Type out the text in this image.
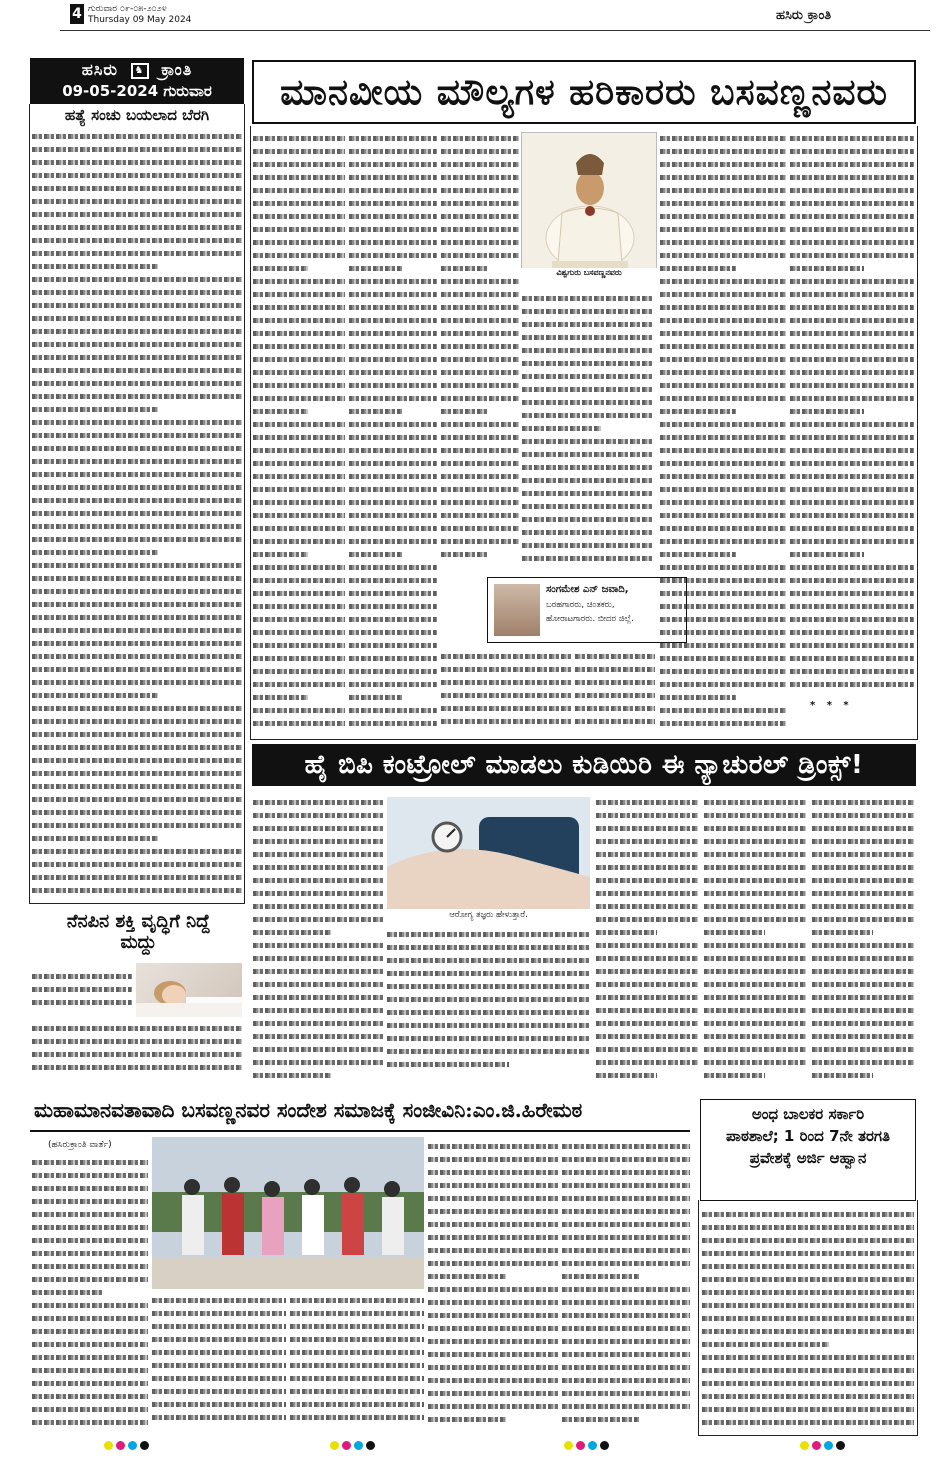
4 ಗುರುವಾರ ೦೯-೦೫-೨೦೨೪
Thursday 09 May 2024	ಹಸಿರು ಕ್ರಾಂತಿ
ಹಸಿರು ♞ ಕ್ರಾಂತಿ
09-05-2024 ಗುರುವಾರ
ಹತ್ಯೆ ಸಂಚು ಬಯಲಾದ ಬೆರಗಿ
ನೆನಪಿನ ಶಕ್ತಿ ವೃದ್ಧಿಗೆ ನಿದ್ದೆ
ಮದ್ದು
ಮಾನವೀಯ ಮೌಲ್ಯಗಳ ಹರಿಕಾರರು ಬಸವಣ್ಣನವರು
* * *
ವಿಶ್ವಗುರು ಬಸವಣ್ಣನವರು
ಸಂಗಮೇಶ ಎನ್ ಜವಾದಿ,
ಬರಹಗಾರರು, ಚಿಂತಕರು,
ಹೋರಾಟಗಾರರು. ಬೀದರ ಜಿಲ್ಲೆ.
ಹೈ ಬಿಪಿ ಕಂಟ್ರೋಲ್ ಮಾಡಲು ಕುಡಿಯಿರಿ ಈ ನ್ಯಾಚುರಲ್ ಡ್ರಿಂಕ್ಸ್!
ಆರೋಗ್ಯ ತಜ್ಞರು ಹೇಳುತ್ತಾರೆ.
ಮಹಾಮಾನವತಾವಾದಿ ಬಸವಣ್ಣನವರ ಸಂದೇಶ ಸಮಾಜಕ್ಕೆ ಸಂಜೀವಿನಿ:ಎಂ.ಜಿ.ಹಿರೇಮಠ
(ಹಸಿರುಕ್ರಾಂತಿ ವಾರ್ತೆ)
ಅಂಧ ಬಾಲಕರ ಸರ್ಕಾರಿ
ಪಾಠಶಾಲೆ; 1 ರಿಂದ 7ನೇ ತರಗತಿ
ಪ್ರವೇಶಕ್ಕೆ ಅರ್ಜಿ ಆಹ್ವಾನ
